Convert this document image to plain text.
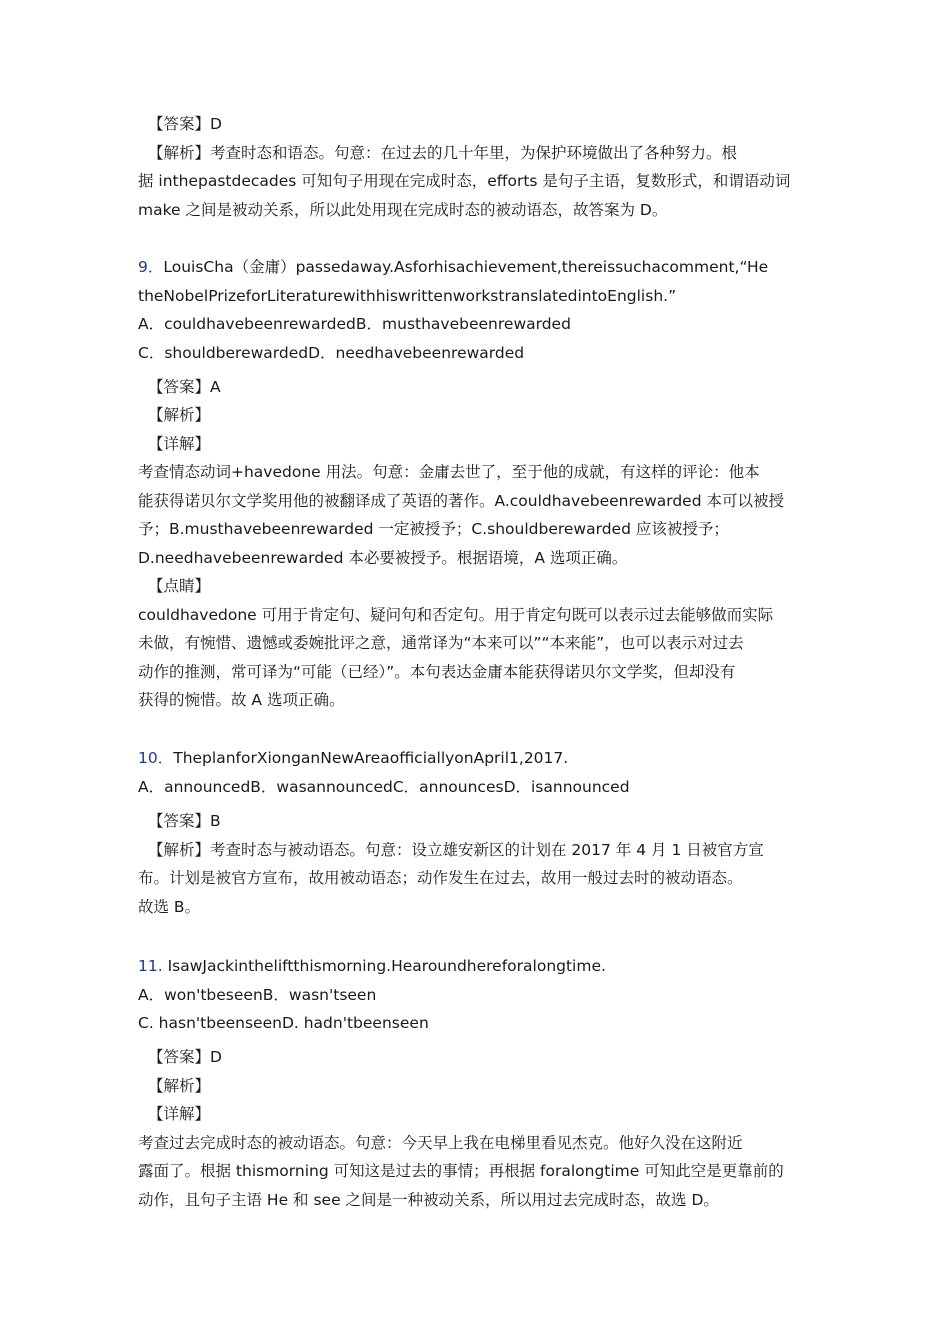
【答案】D
【解析】考查时态和语态。句意：在过去的几十年里，为保护环境做出了各种努力。根
据 inthepastdecades 可知句子用现在完成时态，efforts 是句子主语，复数形式，和谓语动词
make 之间是被动关系，所以此处用现在完成时态的被动语态，故答案为 D。
9．LouisCha（金庸）passedaway.Asforhisachievement,thereissuchacomment,“He
theNobelPrizeforLiteraturewithhiswrittenworkstranslatedintoEnglish.”
A．couldhavebeenrewardedB．musthavebeenrewarded
C．shouldberewardedD．needhavebeenrewarded
【答案】A
【解析】
【详解】
考查情态动词+havedone 用法。句意：金庸去世了，至于他的成就，有这样的评论：他本
能获得诺贝尔文学奖用他的被翻译成了英语的著作。A.couldhavebeenrewarded 本可以被授
予；B.musthavebeenrewarded 一定被授予；C.shouldberewarded 应该被授予；
D.needhavebeenrewarded 本必要被授予。根据语境，A 选项正确。
【点睛】
couldhavedone 可用于肯定句、疑问句和否定句。用于肯定句既可以表示过去能够做而实际
未做，有惋惜、遗憾或委婉批评之意，通常译为“本来可以”“本来能”，也可以表示对过去
动作的推测，常可译为“可能（已经）”。本句表达金庸本能获得诺贝尔文学奖，但却没有
获得的惋惜。故 A 选项正确。
10．TheplanforXionganNewAreaofficiallyonApril1,2017.
A．announcedB．wasannouncedC．announcesD．isannounced
【答案】B
【解析】考查时态与被动语态。句意：设立雄安新区的计划在 2017 年 4 月 1 日被官方宣
布。计划是被官方宣布，故用被动语态；动作发生在过去，故用一般过去时的被动语态。
故选 B。
11. IsawJackintheliftthismorning.Hearoundhereforalongtime.
A．won'tbeseenB．wasn'tseen
C. hasn'tbeenseenD. hadn'tbeenseen
【答案】D
【解析】
【详解】
考查过去完成时态的被动语态。句意：今天早上我在电梯里看见杰克。他好久没在这附近
露面了。根据 thismorning 可知这是过去的事情；再根据 foralongtime 可知此空是更靠前的
动作，且句子主语 He 和 see 之间是一种被动关系，所以用过去完成时态，故选 D。
